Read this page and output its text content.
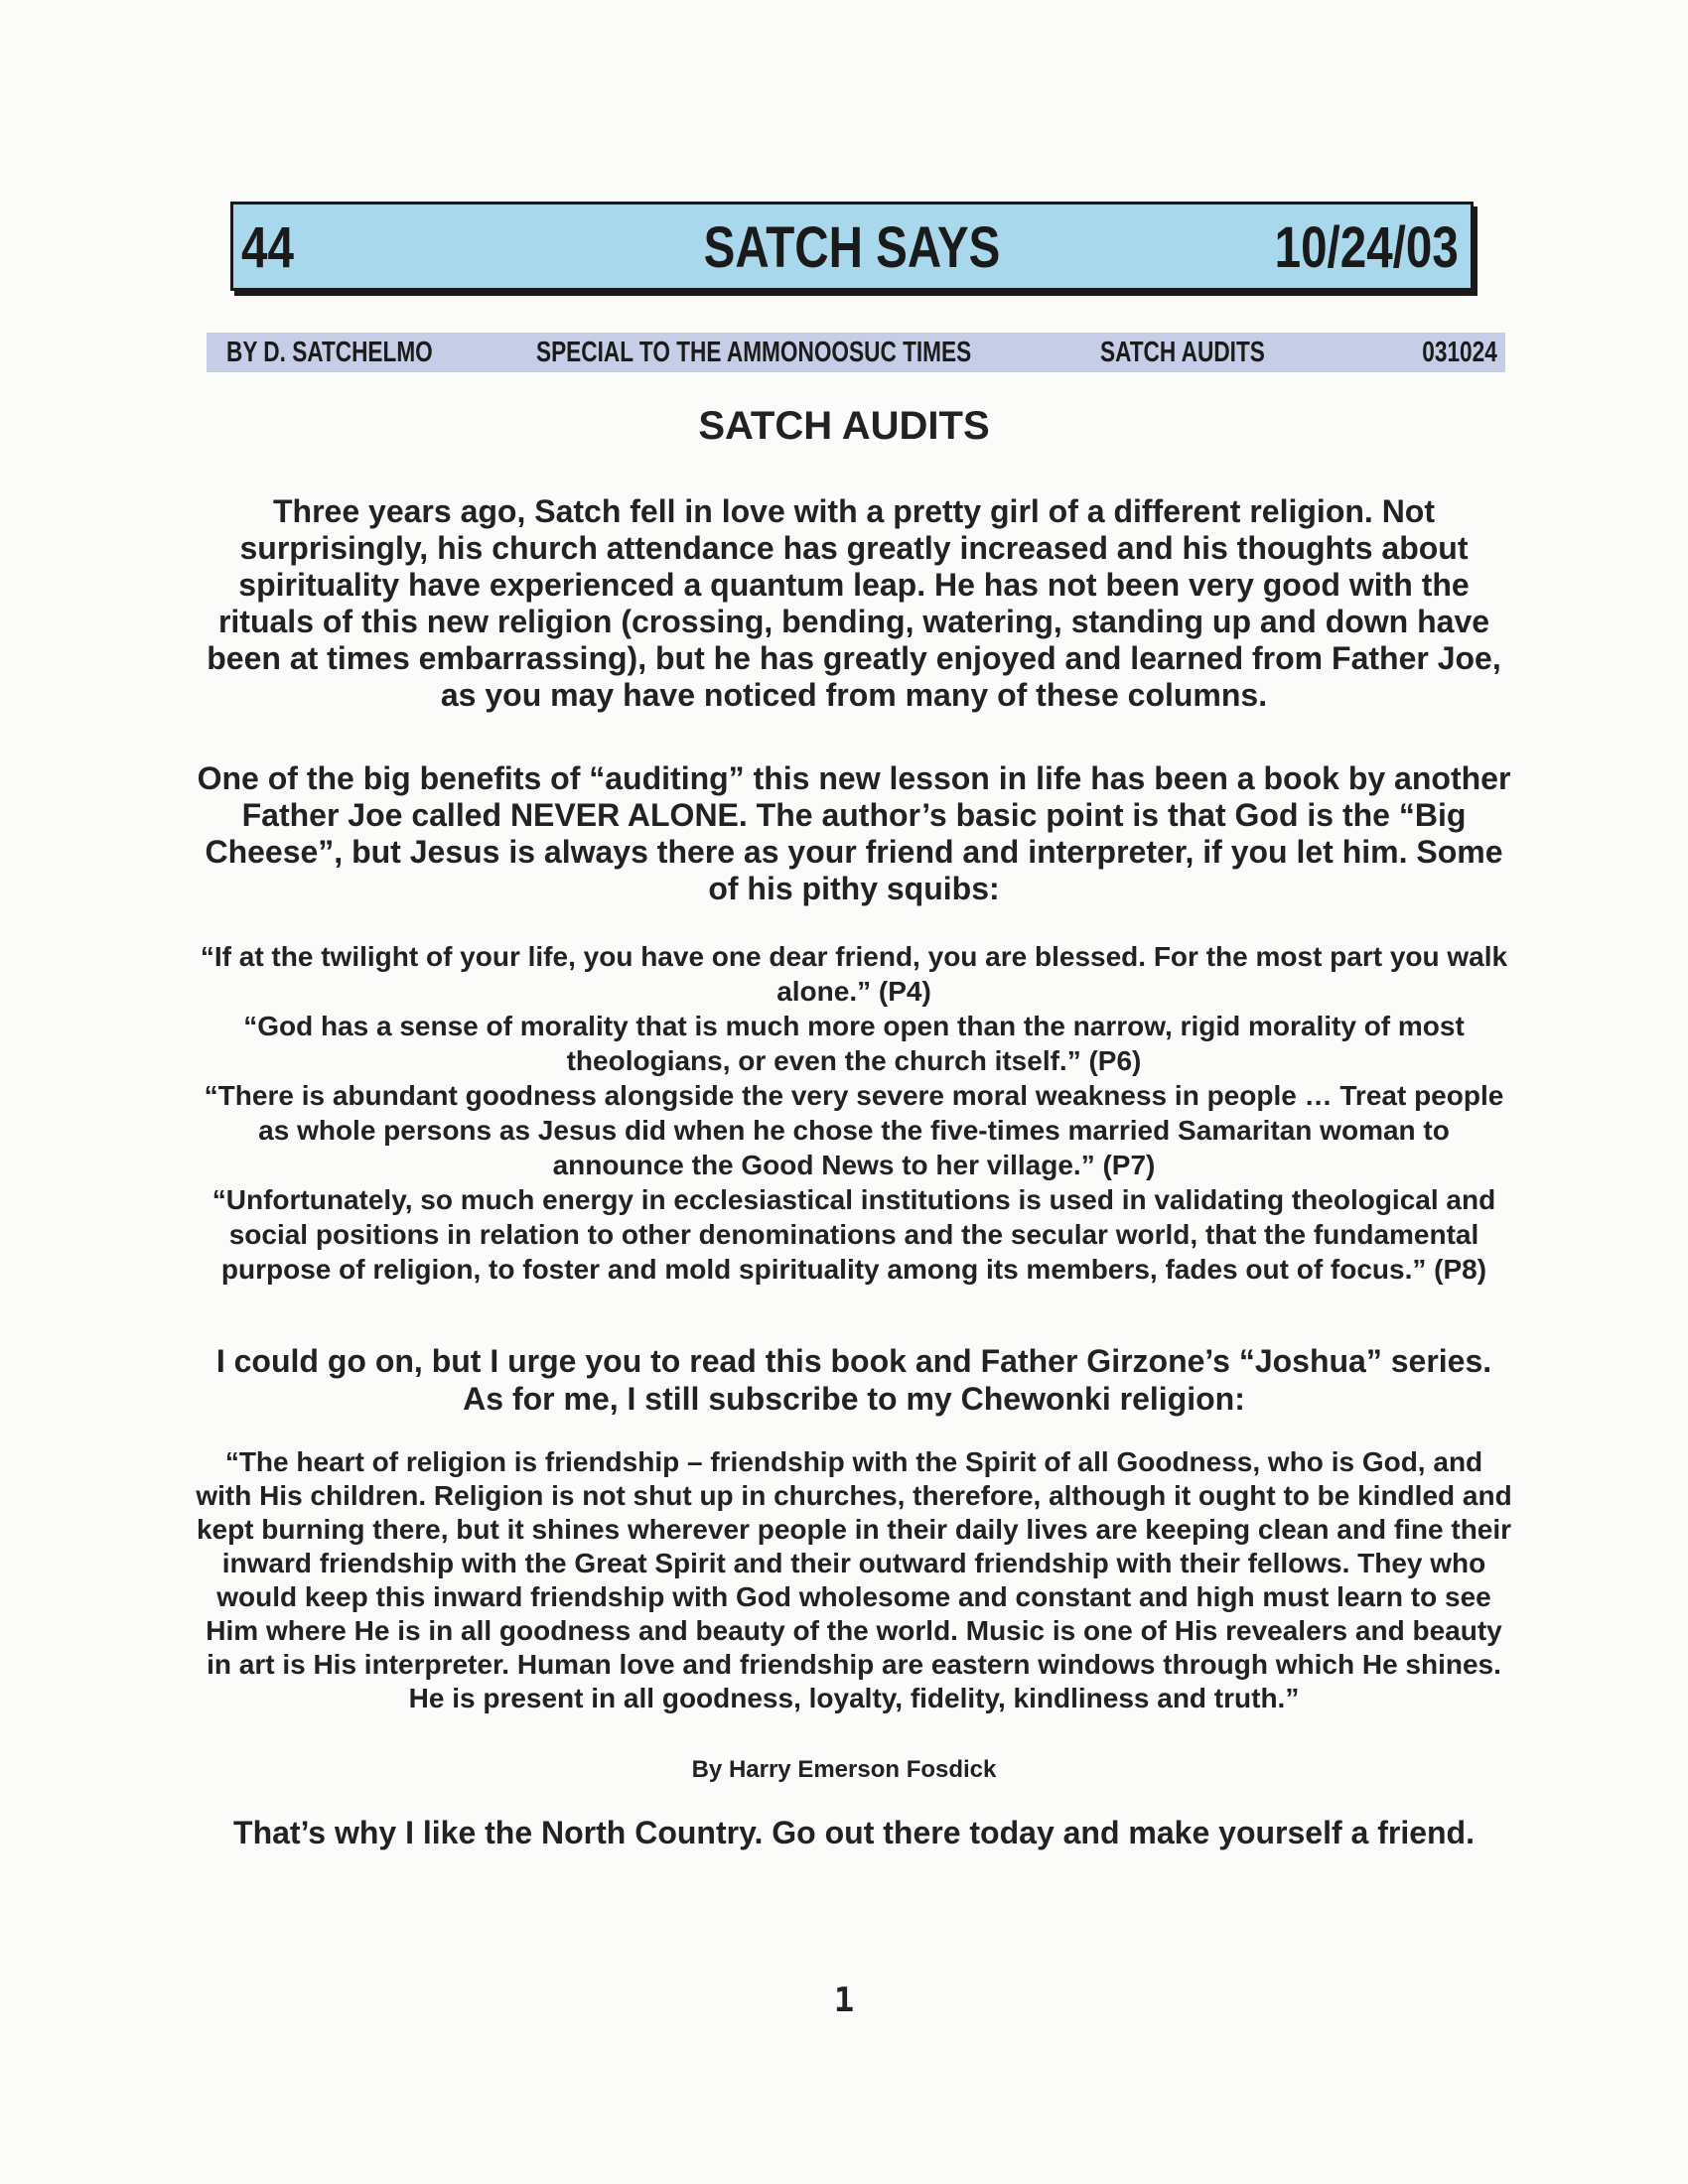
44	SATCH SAYS	10/24/03
BY D. SATCHELMO	SPECIAL TO THE AMMONOOSUC TIMES	SATCH AUDITS	031024
SATCH AUDITS

Three years ago, Satch fell in love with a pretty girl of a different religion. Not surprisingly, his church attendance has greatly increased and his thoughts about spirituality have experienced a quantum leap. He has not been very good with the rituals of this new religion (crossing, bending, watering, standing up and down have been at times embarrassing), but he has greatly enjoyed and learned from Father Joe, as you may have noticed from many of these columns.

One of the big benefits of “auditing” this new lesson in life has been a book by another Father Joe called NEVER ALONE. The author’s basic point is that God is the “Big Cheese”, but Jesus is always there as your friend and interpreter, if you let him. Some of his pithy squibs:

“If at the twilight of your life, you have one dear friend, you are blessed. For the most part you walk alone.” (P4)

“God has a sense of morality that is much more open than the narrow, rigid morality of most theologians, or even the church itself.” (P6)

“There is abundant goodness alongside the very severe moral weakness in people … Treat people as whole persons as Jesus did when he chose the five-times married Samaritan woman to announce the Good News to her village.” (P7)

“Unfortunately, so much energy in ecclesiastical institutions is used in validating theological and social positions in relation to other denominations and the secular world, that the fundamental purpose of religion, to foster and mold spirituality among its members, fades out of focus.” (P8)

I could go on, but I urge you to read this book and Father Girzone’s “Joshua” series. As for me, I still subscribe to my Chewonki religion:

“The heart of religion is friendship – friendship with the Spirit of all Goodness, who is God, and with His children. Religion is not shut up in churches, therefore, although it ought to be kindled and kept burning there, but it shines wherever people in their daily lives are keeping clean and fine their inward friendship with the Great Spirit and their outward friendship with their fellows. They who would keep this inward friendship with God wholesome and constant and high must learn to see Him where He is in all goodness and beauty of the world. Music is one of His revealers and beauty in art is His interpreter. Human love and friendship are eastern windows through which He shines. He is present in all goodness, loyalty, fidelity, kindliness and truth.”

By Harry Emerson Fosdick

That’s why I like the North Country. Go out there today and make yourself a friend.

1
